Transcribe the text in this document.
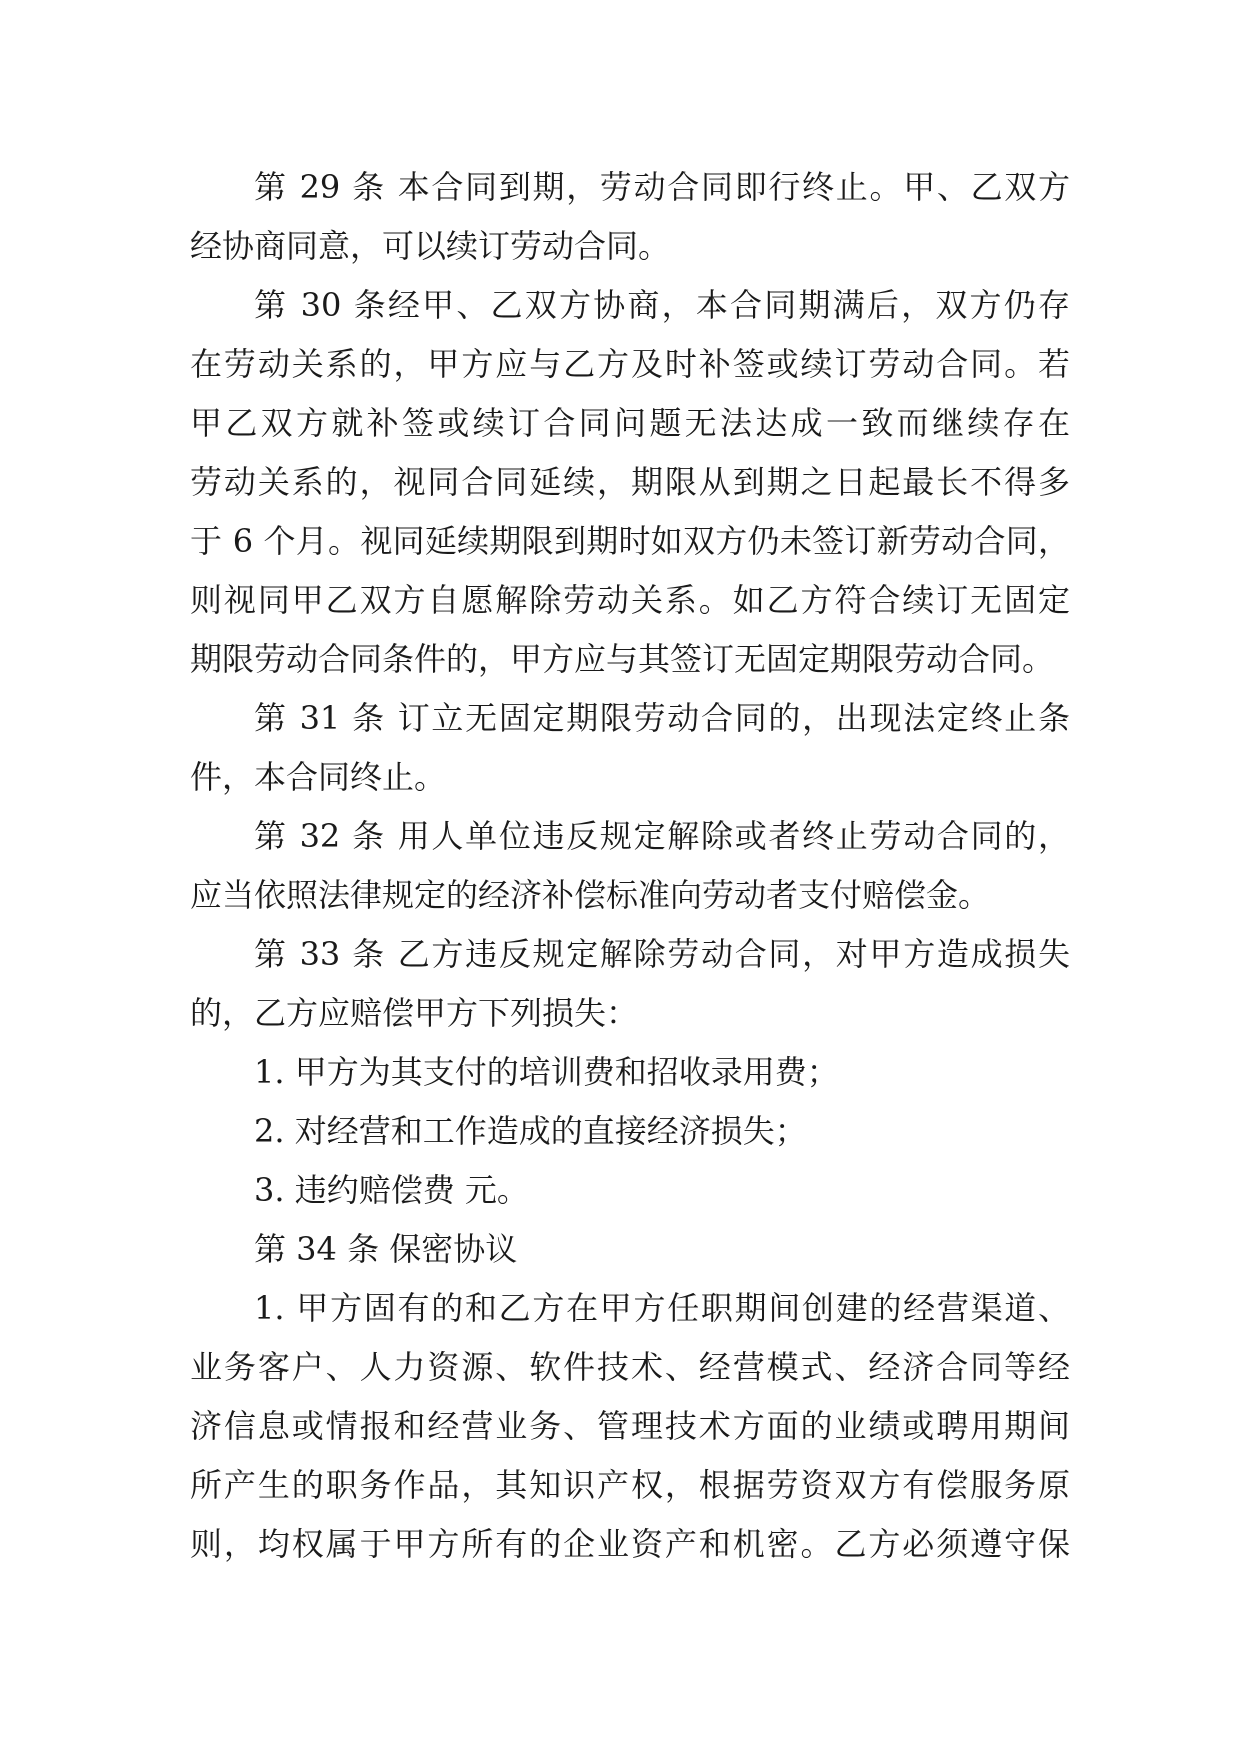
第 29 条 本合同到期，劳动合同即行终止。甲、乙双方
经协商同意，可以续订劳动合同。
第 30 条经甲、乙双方协商，本合同期满后，双方仍存
在劳动关系的，甲方应与乙方及时补签或续订劳动合同。若
甲乙双方就补签或续订合同问题无法达成一致而继续存在
劳动关系的，视同合同延续，期限从到期之日起最长不得多
于 6 个月。视同延续期限到期时如双方仍未签订新劳动合同，
则视同甲乙双方自愿解除劳动关系。如乙方符合续订无固定
期限劳动合同条件的，甲方应与其签订无固定期限劳动合同。
第 31 条 订立无固定期限劳动合同的，出现法定终止条
件，本合同终止。
第 32 条 用人单位违反规定解除或者终止劳动合同的，
应当依照法律规定的经济补偿标准向劳动者支付赔偿金。
第 33 条 乙方违反规定解除劳动合同，对甲方造成损失
的，乙方应赔偿甲方下列损失：
1. 甲方为其支付的培训费和招收录用费；
2. 对经营和工作造成的直接经济损失；
3. 违约赔偿费 元。
第 34 条 保密协议
1. 甲方固有的和乙方在甲方任职期间创建的经营渠道、
业务客户、人力资源、软件技术、经营模式、经济合同等经
济信息或情报和经营业务、管理技术方面的业绩或聘用期间
所产生的职务作品，其知识产权，根据劳资双方有偿服务原
则，均权属于甲方所有的企业资产和机密。乙方必须遵守保
